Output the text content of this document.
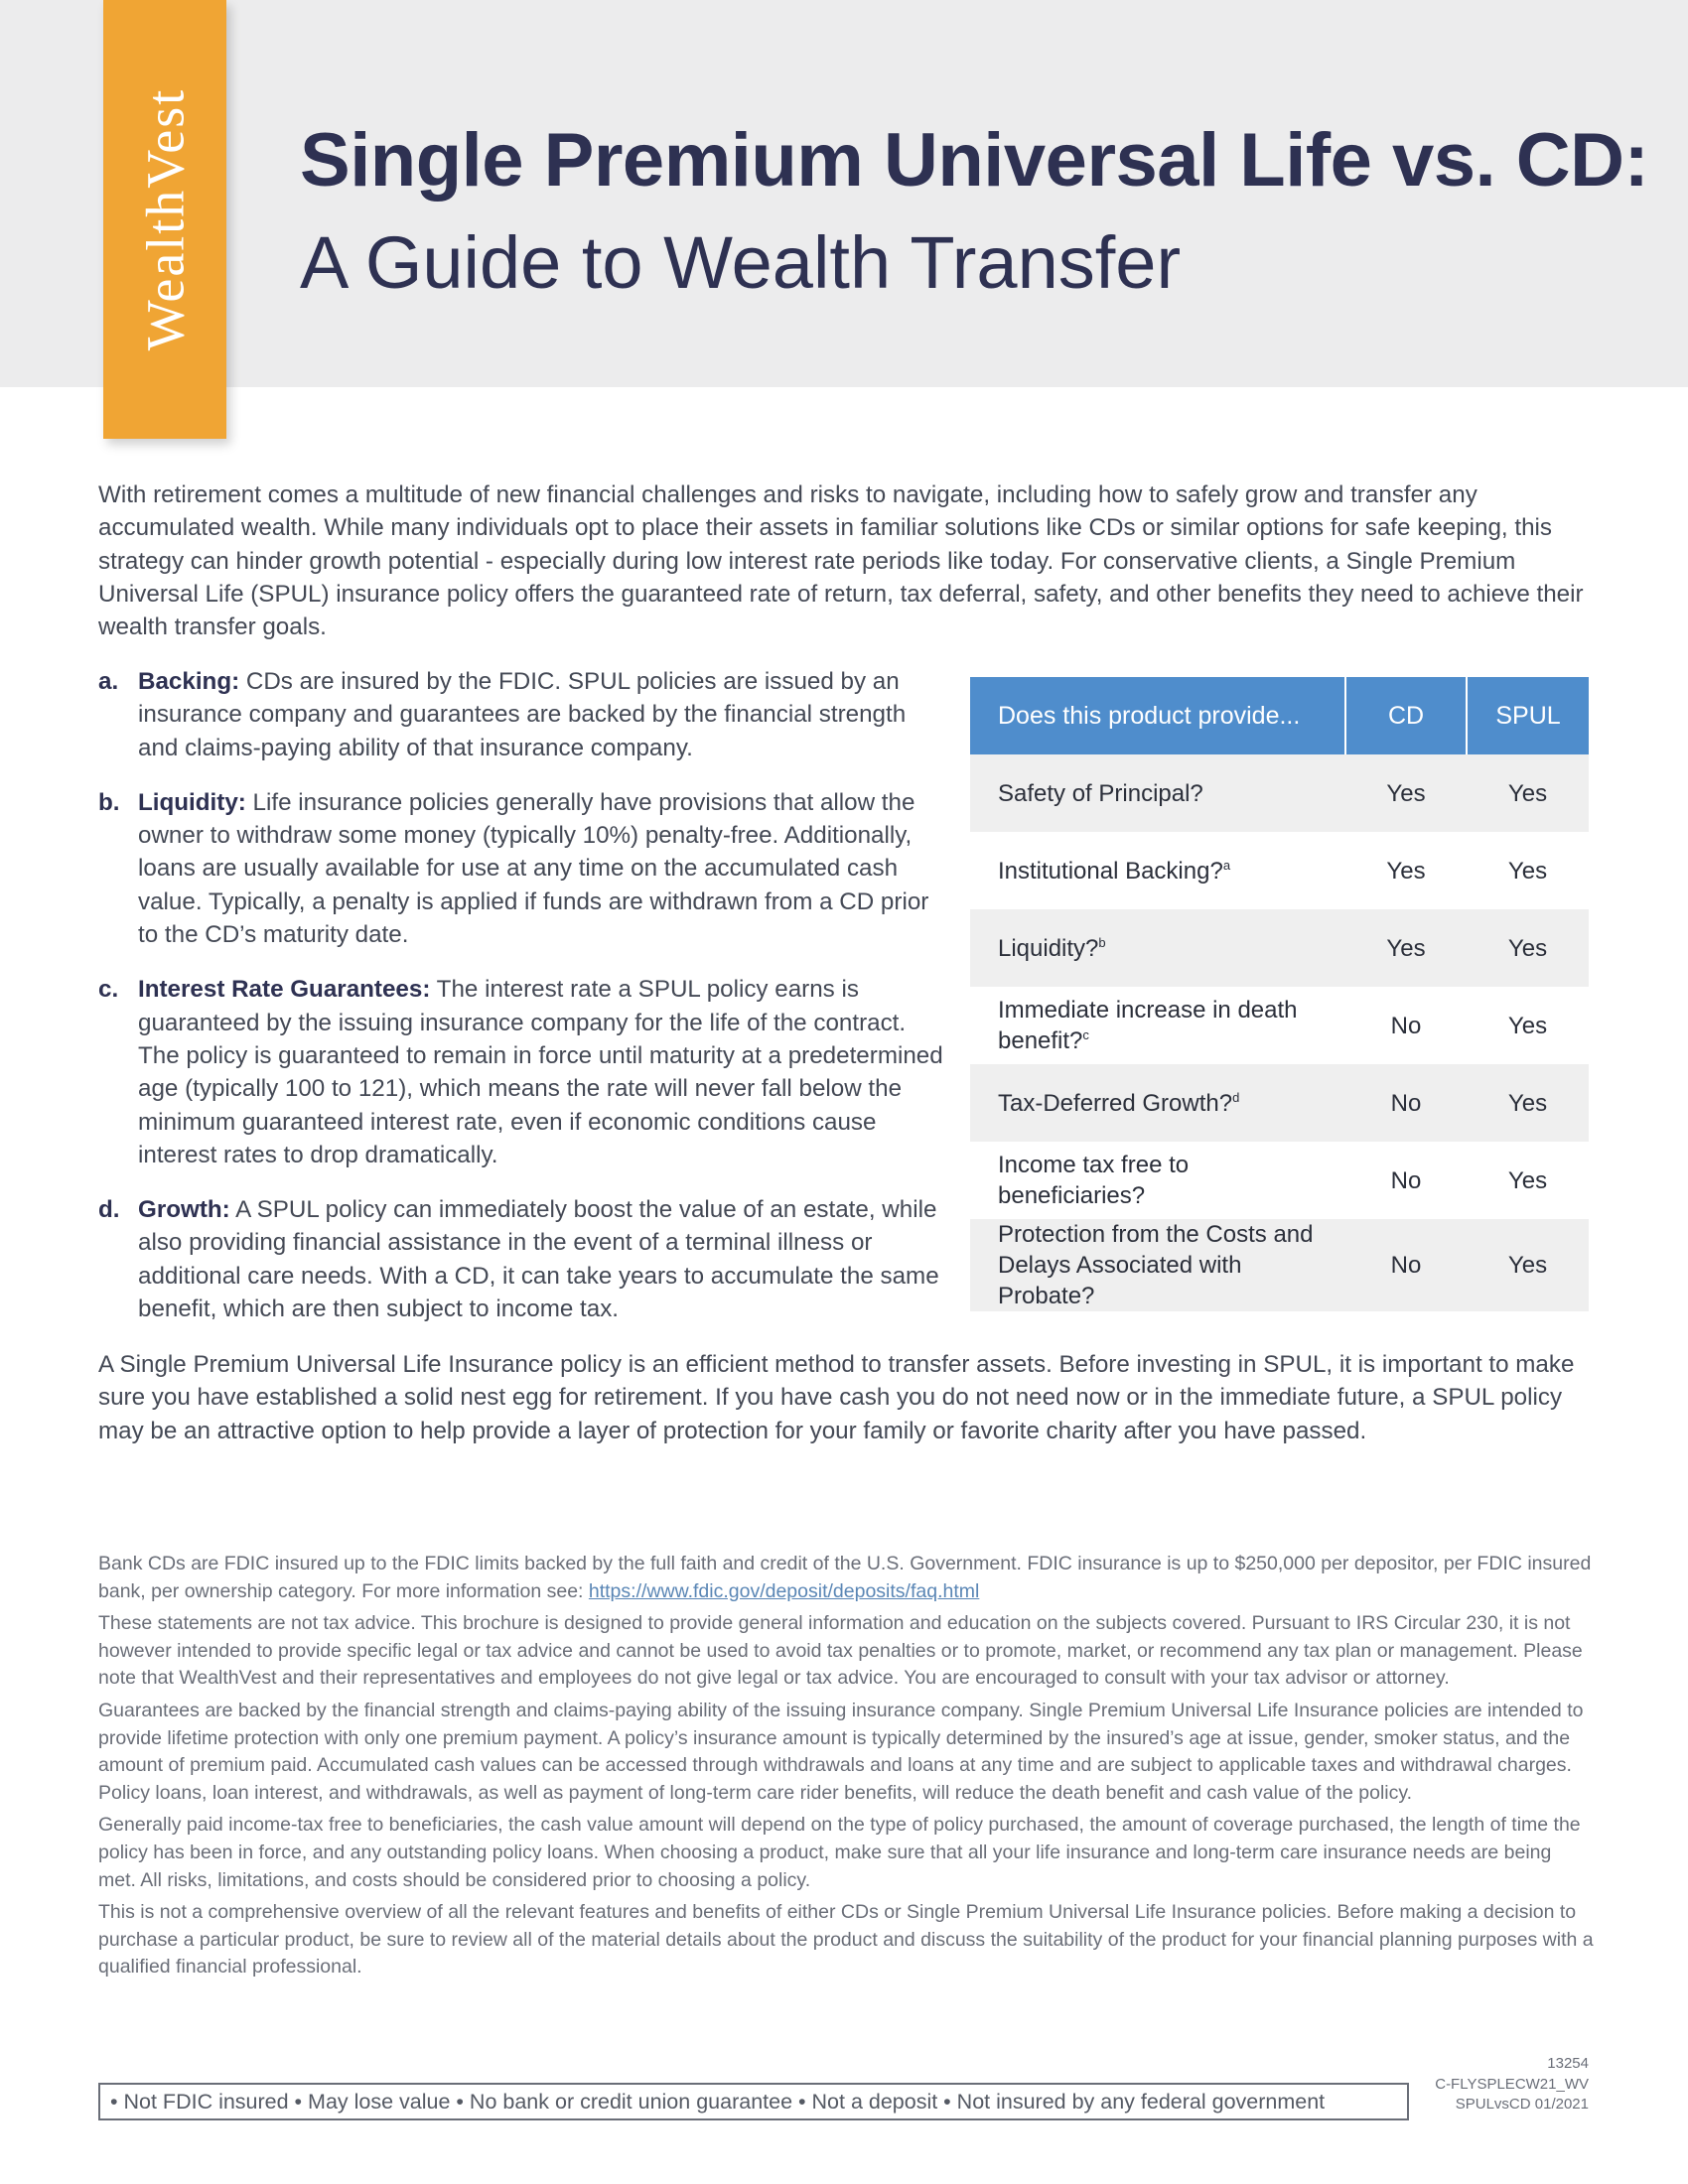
WealthVest Single Premium Universal Life vs. CD:
A Guide to Wealth Transfer

With retirement comes a multitude of new financial challenges and risks to navigate, including how to safely grow and transfer any accumulated wealth. While many individuals opt to place their assets in familiar solutions like CDs or similar options for safe keeping, this strategy can hinder growth potential - especially during low interest rate periods like today. For conservative clients, a Single Premium Universal Life (SPUL) insurance policy offers the guaranteed rate of return, tax deferral, safety, and other benefits they need to achieve their wealth transfer goals.

a. Backing: CDs are insured by the FDIC. SPUL policies are issued by an insurance company and guarantees are backed by the financial strength and claims-paying ability of that insurance company.

b. Liquidity: Life insurance policies generally have provisions that allow the owner to withdraw some money (typically 10%) penalty-free. Additionally, loans are usually available for use at any time on the accumulated cash value. Typically, a penalty is applied if funds are withdrawn from a CD prior to the CD’s maturity date.

c. Interest Rate Guarantees: The interest rate a SPUL policy earns is guaranteed by the issuing insurance company for the life of the contract. The policy is guaranteed to remain in force until maturity at a predetermined age (typically 100 to 121), which means the rate will never fall below the minimum guaranteed interest rate, even if economic conditions cause interest rates to drop dramatically.

d. Growth: A SPUL policy can immediately boost the value of an estate, while also providing financial assistance in the event of a terminal illness or additional care needs. With a CD, it can take years to accumulate the same benefit, which are then subject to income tax.

Does this product provide...	CD	SPUL
Safety of Principal?	Yes	Yes
Institutional Backing?$^a$	Yes	Yes
Liquidity?$^b$	Yes	Yes
Immediate increase in death benefit?$^c$	No	Yes
Tax-Deferred Growth?$^d$	No	Yes
Income tax free to beneficiaries?	No	Yes
Protection from the Costs and Delays Associated with Probate?	No	Yes

A Single Premium Universal Life Insurance policy is an efficient method to transfer assets. Before investing in SPUL, it is important to make sure you have established a solid nest egg for retirement. If you have cash you do not need now or in the immediate future, a SPUL policy may be an attractive option to help provide a layer of protection for your family or favorite charity after you have passed.

Bank CDs are FDIC insured up to the FDIC limits backed by the full faith and credit of the U.S. Government. FDIC insurance is up to $250,000 per depositor, per FDIC insured bank, per ownership category. For more information see: https://www.fdic.gov/deposit/deposits/faq.html

These statements are not tax advice. This brochure is designed to provide general information and education on the subjects covered. Pursuant to IRS Circular 230, it is not however intended to provide specific legal or tax advice and cannot be used to avoid tax penalties or to promote, market, or recommend any tax plan or management. Please note that WealthVest and their representatives and employees do not give legal or tax advice. You are encouraged to consult with your tax advisor or attorney.

Guarantees are backed by the financial strength and claims-paying ability of the issuing insurance company. Single Premium Universal Life Insurance policies are intended to provide lifetime protection with only one premium payment. A policy’s insurance amount is typically determined by the insured’s age at issue, gender, smoker status, and the amount of premium paid. Accumulated cash values can be accessed through withdrawals and loans at any time and are subject to applicable taxes and withdrawal charges. Policy loans, loan interest, and withdrawals, as well as payment of long-term care rider benefits, will reduce the death benefit and cash value of the policy.

Generally paid income-tax free to beneficiaries, the cash value amount will depend on the type of policy purchased, the amount of coverage purchased, the length of time the policy has been in force, and any outstanding policy loans. When choosing a product, make sure that all your life insurance and long-term care insurance needs are being met. All risks, limitations, and costs should be considered prior to choosing a policy.

This is not a comprehensive overview of all the relevant features and benefits of either CDs or Single Premium Universal Life Insurance policies. Before making a decision to purchase a particular product, be sure to review all of the material details about the product and discuss the suitability of the product for your financial planning purposes with a qualified financial professional.

• Not FDIC insured • May lose value • No bank or credit union guarantee • Not a deposit • Not insured by any federal government
13254
C-FLYSPLECW21_WV
SPULvsCD 01/2021
